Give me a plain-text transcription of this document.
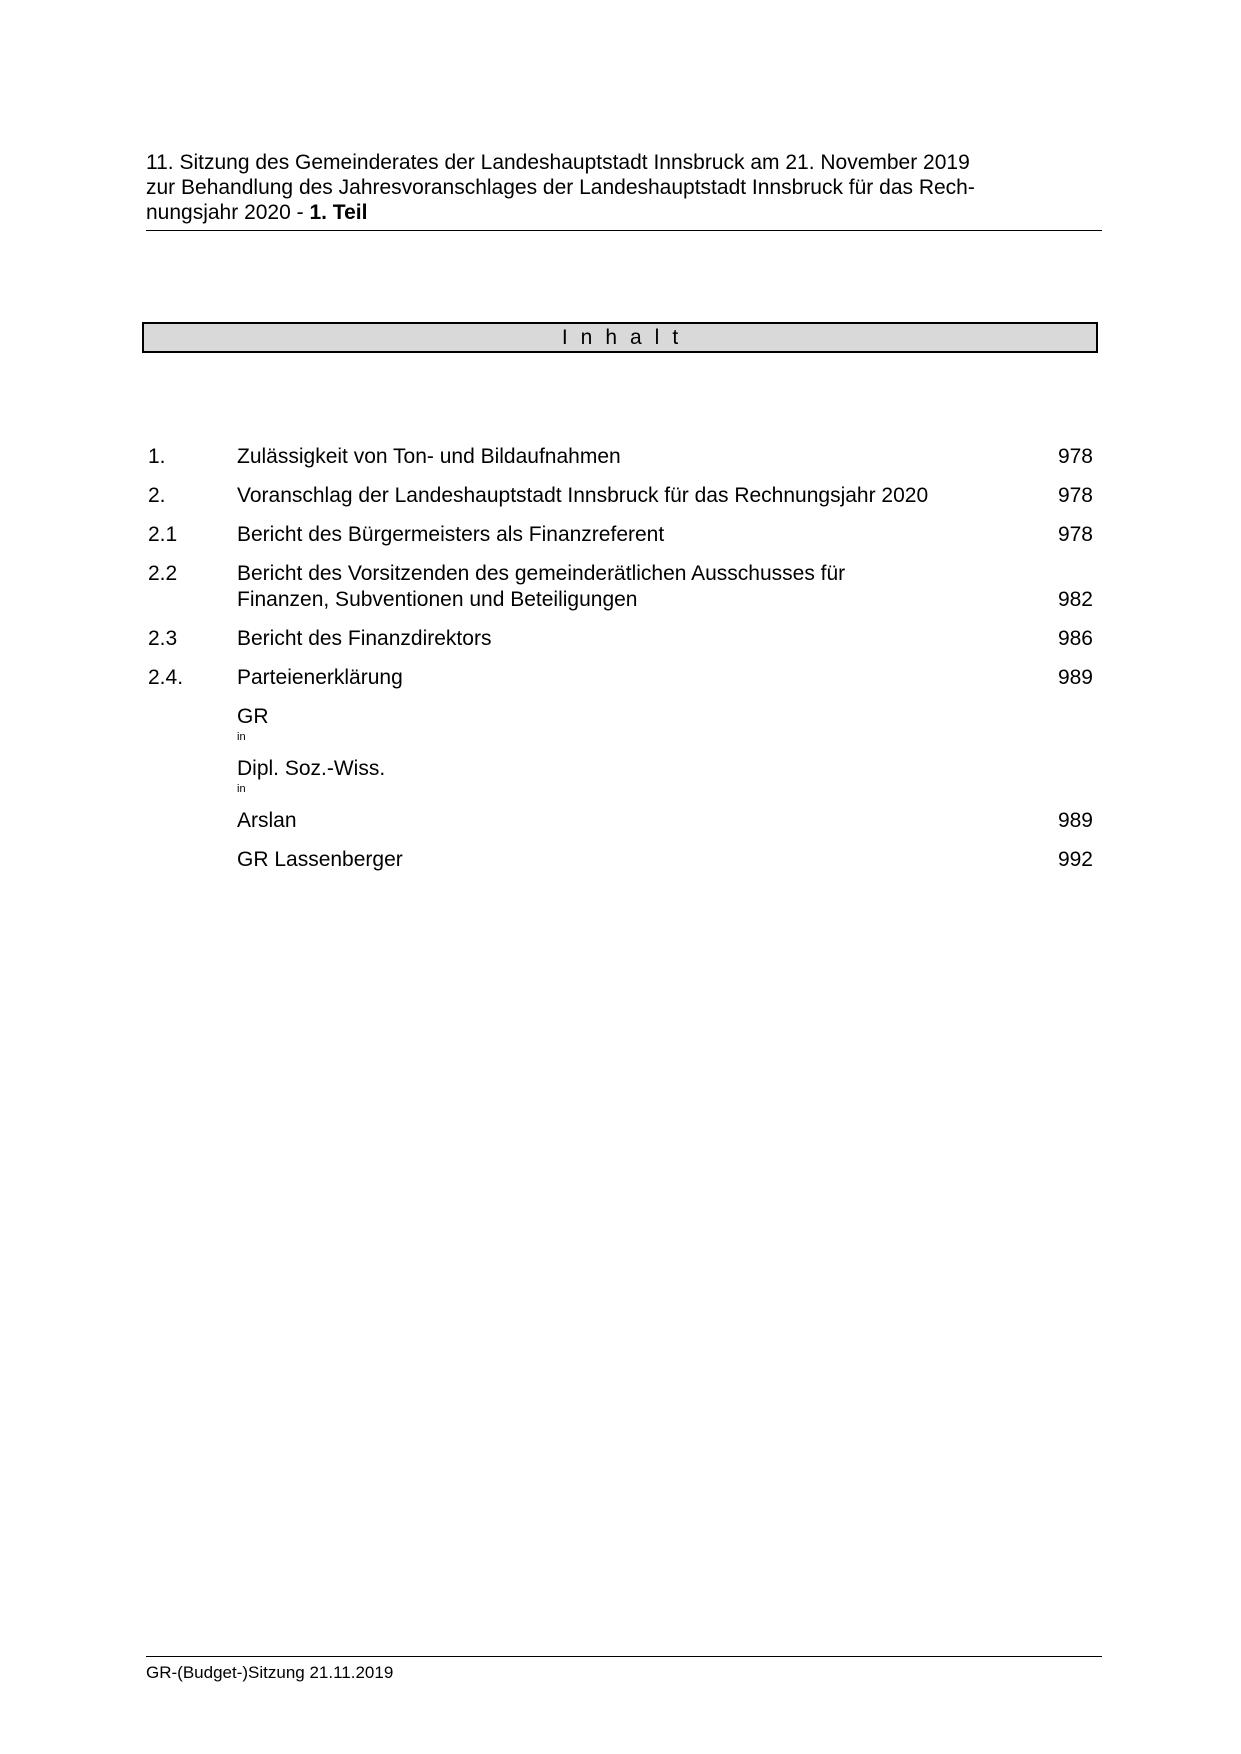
11. Sitzung des Gemeinderates der Landeshauptstadt Innsbruck am 21. November 2019
zur Behandlung des Jahresvoranschlages der Landeshauptstadt Innsbruck für das Rech-
nungsjahr 2020 - 1. Teil
Inhalt
1.	Zulässigkeit von Ton- und Bildaufnahmen	978
2.	Voranschlag der Landeshauptstadt Innsbruck für das Rechnungsjahr 2020	978
2.1	Bericht des Bürgermeisters als Finanzreferent	978
2.2	Bericht des Vorsitzenden des gemeinderätlichen Ausschusses für
Finanzen, Subventionen und Beteiligungen	982
2.3	Bericht des Finanzdirektors	986
2.4.	Parteienerklärung	989
GR
$^{in}$
Dipl. Soz.-Wiss.
$^{in}$
Arslan	989
GR Lassenberger	992
GR-(Budget-)Sitzung 21.11.2019
